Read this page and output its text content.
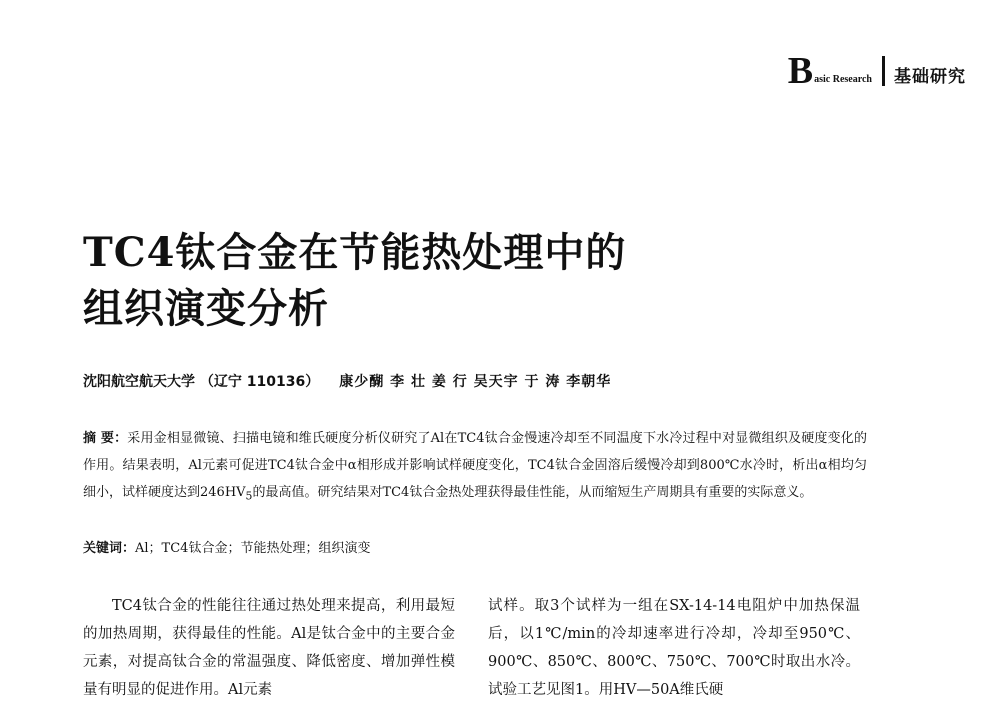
B asic Research 基础研究
TC4钛合金在节能热处理中的
组织演变分析
沈阳航空航天大学 （辽宁 110136） 康少醐 李 壮 姜 行 吴天宇 于 涛 李朝华
摘 要：采用金相显微镜、扫描电镜和维氏硬度分析仪研究了Al在TC4钛合金慢速冷却至不同温度下水冷过程中对显微组织及硬度变化的作用。结果表明，Al元素可促进TC4钛合金中α相形成并影响试样硬度变化，TC4钛合金固溶后缓慢冷却到800℃水冷时，析出α相均匀细小，试样硬度达到$246HV_5$的最高值。研究结果对TC4钛合金热处理获得最佳性能，从而缩短生产周期具有重要的实际意义。
关键词：Al；TC4钛合金；节能热处理；组织演变
TC4钛合金的性能往往通过热处理来提高，利用最短的加热周期，获得最佳的性能。Al是钛合金中的主要合金元素，对提高钛合金的常温强度、降低密度、增加弹性模量有明显的促进作用。Al元素
试样。取3个试样为一组在SX-14-14电阻炉中加热保温后，以1℃/min的冷却速率进行冷却，冷却至950℃、900℃、850℃、800℃、750℃、700℃时取出水冷。试验工艺见图1。用HV—50A维氏硬
